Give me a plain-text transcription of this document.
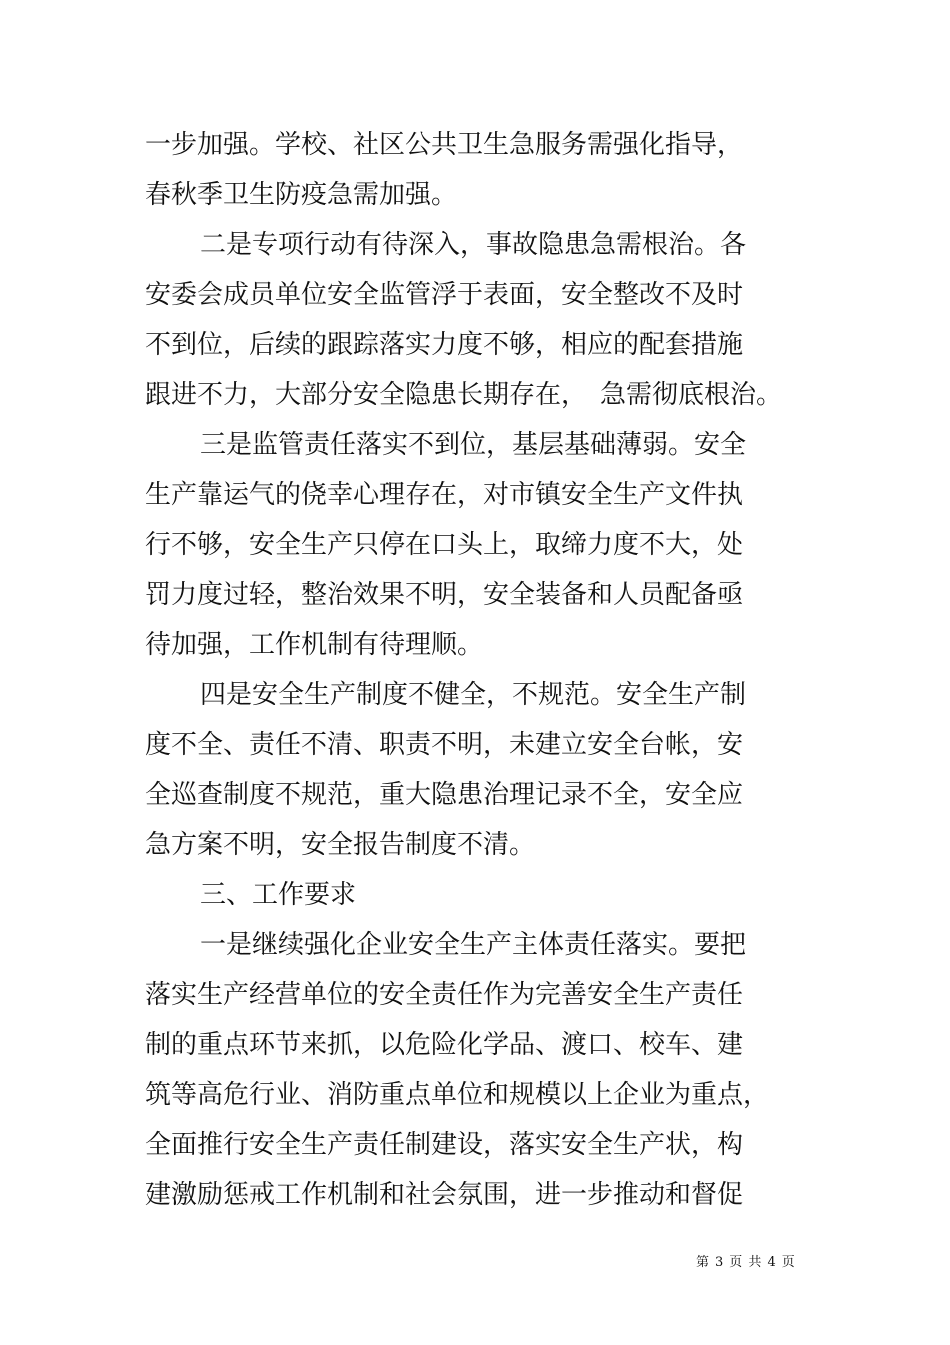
一步加强。学校、社区公共卫生急服务需强化指导，
春秋季卫生防疫急需加强。
二是专项行动有待深入，事故隐患急需根治。各
安委会成员单位安全监管浮于表面，安全整改不及时
不到位，后续的跟踪落实力度不够，相应的配套措施
跟进不力，大部分安全隐患长期存在，　急需彻底根治。
三是监管责任落实不到位，基层基础薄弱。安全
生产靠运气的侥幸心理存在，对市镇安全生产文件执
行不够，安全生产只停在口头上，取缔力度不大，处
罚力度过轻，整治效果不明，安全装备和人员配备亟
待加强，工作机制有待理顺。
四是安全生产制度不健全，不规范。安全生产制
度不全、责任不清、职责不明，未建立安全台帐，安
全巡查制度不规范，重大隐患治理记录不全，安全应
急方案不明，安全报告制度不清。
三、工作要求
一是继续强化企业安全生产主体责任落实。要把
落实生产经营单位的安全责任作为完善安全生产责任
制的重点环节来抓，以危险化学品、渡口、校车、建
筑等高危行业、消防重点单位和规模以上企业为重点，
全面推行安全生产责任制建设，落实安全生产状，构
建激励惩戒工作机制和社会氛围，进一步推动和督促
第 3 页 共 4 页
